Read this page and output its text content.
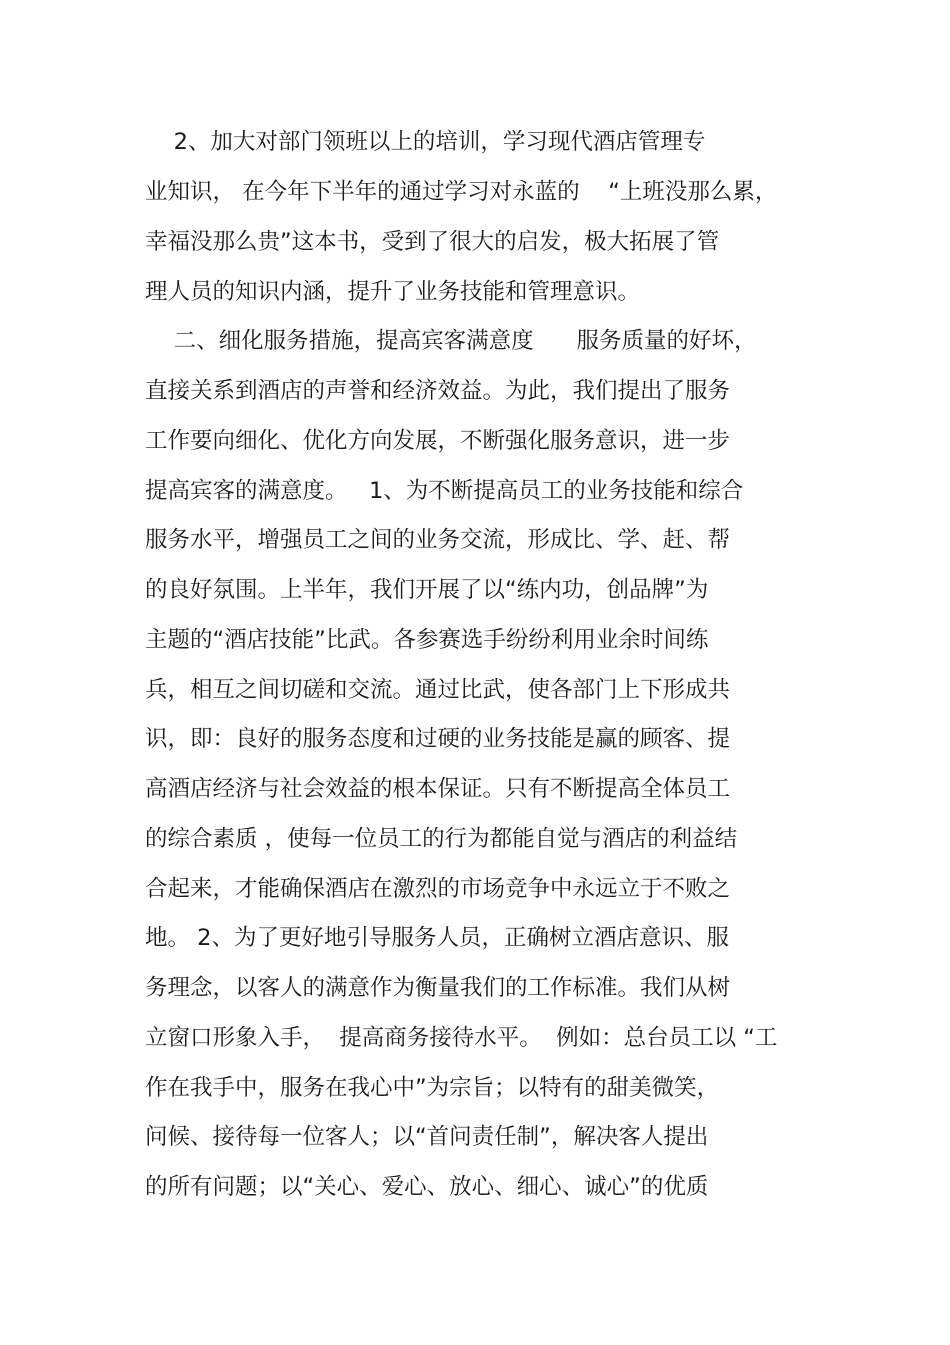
2、加大对部门领班以上的培训，学习现代酒店管理专
业知识， 在今年下半年的通过学习对永蓝的    “上班没那么累，
幸福没那么贵”这本书，受到了很大的启发，极大拓展了管
理人员的知识内涵，提升了业务技能和管理意识。
二、细化服务措施，提高宾客满意度      服务质量的好坏，
直接关系到酒店的声誉和经济效益。为此，我们提出了服务
工作要向细化、优化方向发展，不断强化服务意识，进一步
提高宾客的满意度。   1、为不断提高员工的业务技能和综合
服务水平，增强员工之间的业务交流，形成比、学、赶、帮
的良好氛围。上半年，我们开展了以“练内功，创品牌”为
主题的“酒店技能”比武。各参赛选手纷纷利用业余时间练
兵，相互之间切磋和交流。通过比武，使各部门上下形成共
识，即：良好的服务态度和过硬的业务技能是赢的顾客、提
高酒店经济与社会效益的根本保证。只有不断提高全体员工
的综合素质 ，使每一位员工的行为都能自觉与酒店的利益结
合起来，才能确保酒店在激烈的市场竞争中永远立于不败之
地。 2、为了更好地引导服务人员，正确树立酒店意识、服
务理念，以客人的满意作为衡量我们的工作标准。我们从树
立窗口形象入手，  提高商务接待水平。  例如：总台员工以 “工
作在我手中，服务在我心中”为宗旨；以特有的甜美微笑，
问候、接待每一位客人；以“首问责任制”，解决客人提出
的所有问题；以“关心、爱心、放心、细心、诚心”的优质
